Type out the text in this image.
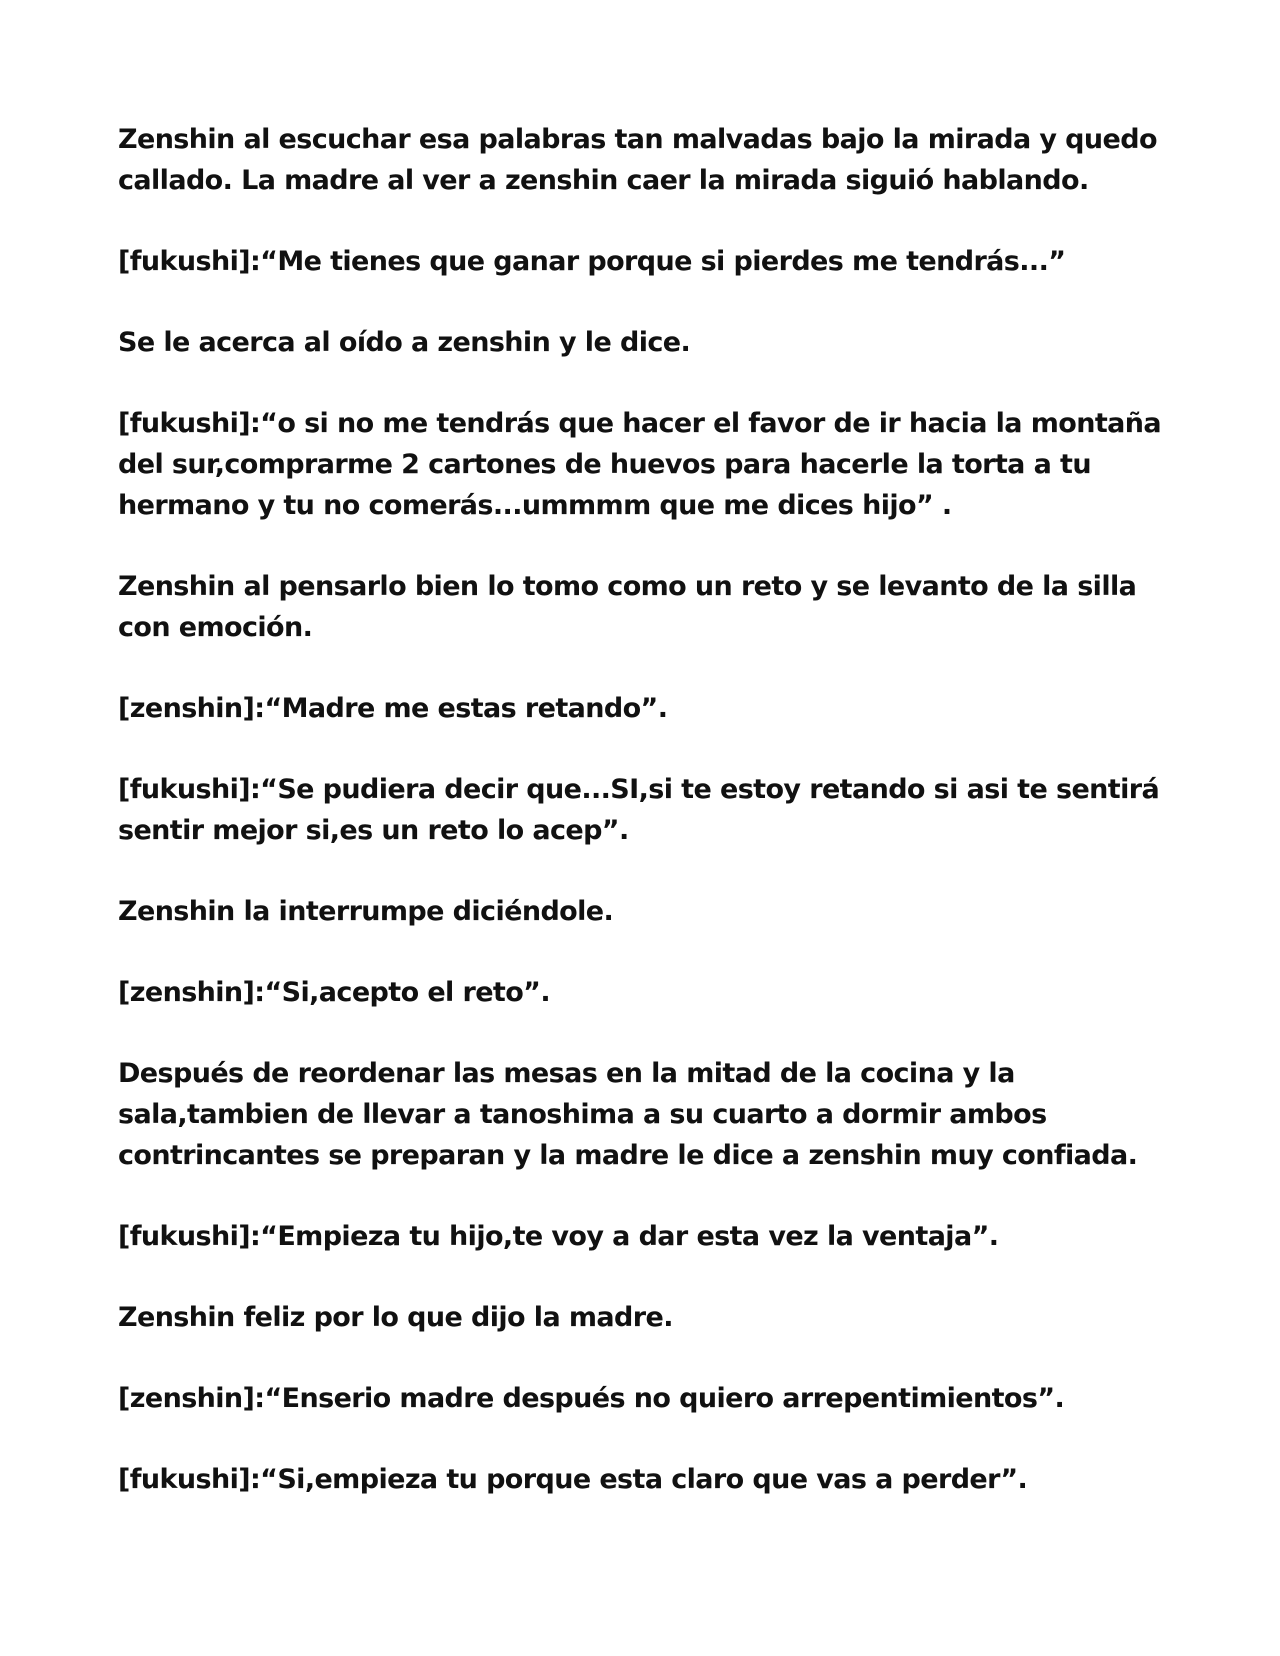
Zenshin al escuchar esa palabras tan malvadas bajo la mirada y quedo callado. La madre al ver a zenshin caer la mirada siguió hablando.

[fukushi]:“Me tienes que ganar porque si pierdes me tendrás...”

Se le acerca al oído a zenshin y le dice.

[fukushi]:“o si no me tendrás que hacer el favor de ir hacia la montaña del sur,comprarme 2 cartones de huevos para hacerle la torta a tu hermano y tu no comerás...ummmm que me dices hijo” .

Zenshin al pensarlo bien lo tomo como un reto y se levanto de la silla con emoción.

[zenshin]:“Madre me estas retando”.

[fukushi]:“Se pudiera decir que...SI,si te estoy retando si asi te sentirá sentir mejor si,es un reto lo acep”.

Zenshin la interrumpe diciéndole.

[zenshin]:“Si,acepto el reto”.

Después de reordenar las mesas en la mitad de la cocina y la sala,tambien de llevar a tanoshima a su cuarto a dormir ambos contrincantes se preparan y la madre le dice a zenshin muy confiada.

[fukushi]:“Empieza tu hijo,te voy a dar esta vez la ventaja”.

Zenshin feliz por lo que dijo la madre.

[zenshin]:“Enserio madre después no quiero arrepentimientos”.

[fukushi]:“Si,empieza tu porque esta claro que vas a perder”.
